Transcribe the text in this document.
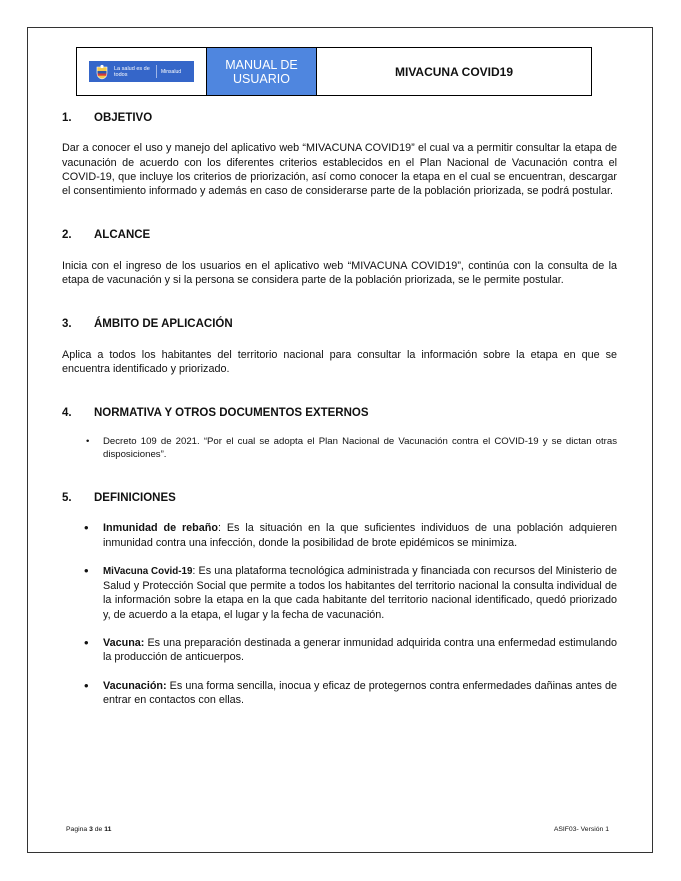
La salud es de todos	Minsalud	MANUAL DE USUARIO	MIVACUNA COVID19
1.	OBJETIVO

Dar a conocer el uso y manejo del aplicativo web “MIVACUNA COVID19” el cual va a permitir consultar la etapa de vacunación de acuerdo con los diferentes criterios establecidos en el Plan Nacional de Vacunación contra el COVID-19, que incluye los criterios de priorización, así como conocer la etapa en el cual se encuentran, descargar el consentimiento informado y además en caso de considerarse parte de la población priorizada, se podrá postular.

2.	ALCANCE

Inicia con el ingreso de los usuarios en el aplicativo web “MIVACUNA COVID19”, continúa con la consulta de la etapa de vacunación y si la persona se considera parte de la población priorizada, se le permite postular.

3.	ÁMBITO DE APLICACIÓN

Aplica a todos los habitantes del territorio nacional para consultar la información sobre la etapa en que se encuentra identificado y priorizado.

4.	NORMATIVA Y OTROS DOCUMENTOS EXTERNOS
• Decreto 109 de 2021. “Por el cual se adopta el Plan Nacional de Vacunación contra el COVID-19 y se dictan otras disposiciones”.
5.	DEFINICIONES
• Inmunidad de rebaño: Es la situación en la que suficientes individuos de una población adquieren inmunidad contra una infección, donde la posibilidad de brote epidémicos se minimiza.
• MiVacuna Covid-19: Es una plataforma tecnológica administrada y financiada con recursos del Ministerio de Salud y Protección Social que permite a todos los habitantes del territorio nacional la consulta individual de la información sobre la etapa en la que cada habitante del territorio nacional identificado, quedó priorizado y, de acuerdo a la etapa, el lugar y la fecha de vacunación.
• Vacuna: Es una preparación destinada a generar inmunidad adquirida contra una enfermedad estimulando la producción de anticuerpos.
• Vacunación: Es una forma sencilla, inocua y eficaz de protegernos contra enfermedades dañinas antes de entrar en contactos con ellas.
Pagina 3 de 11	ASIF03- Versión 1
